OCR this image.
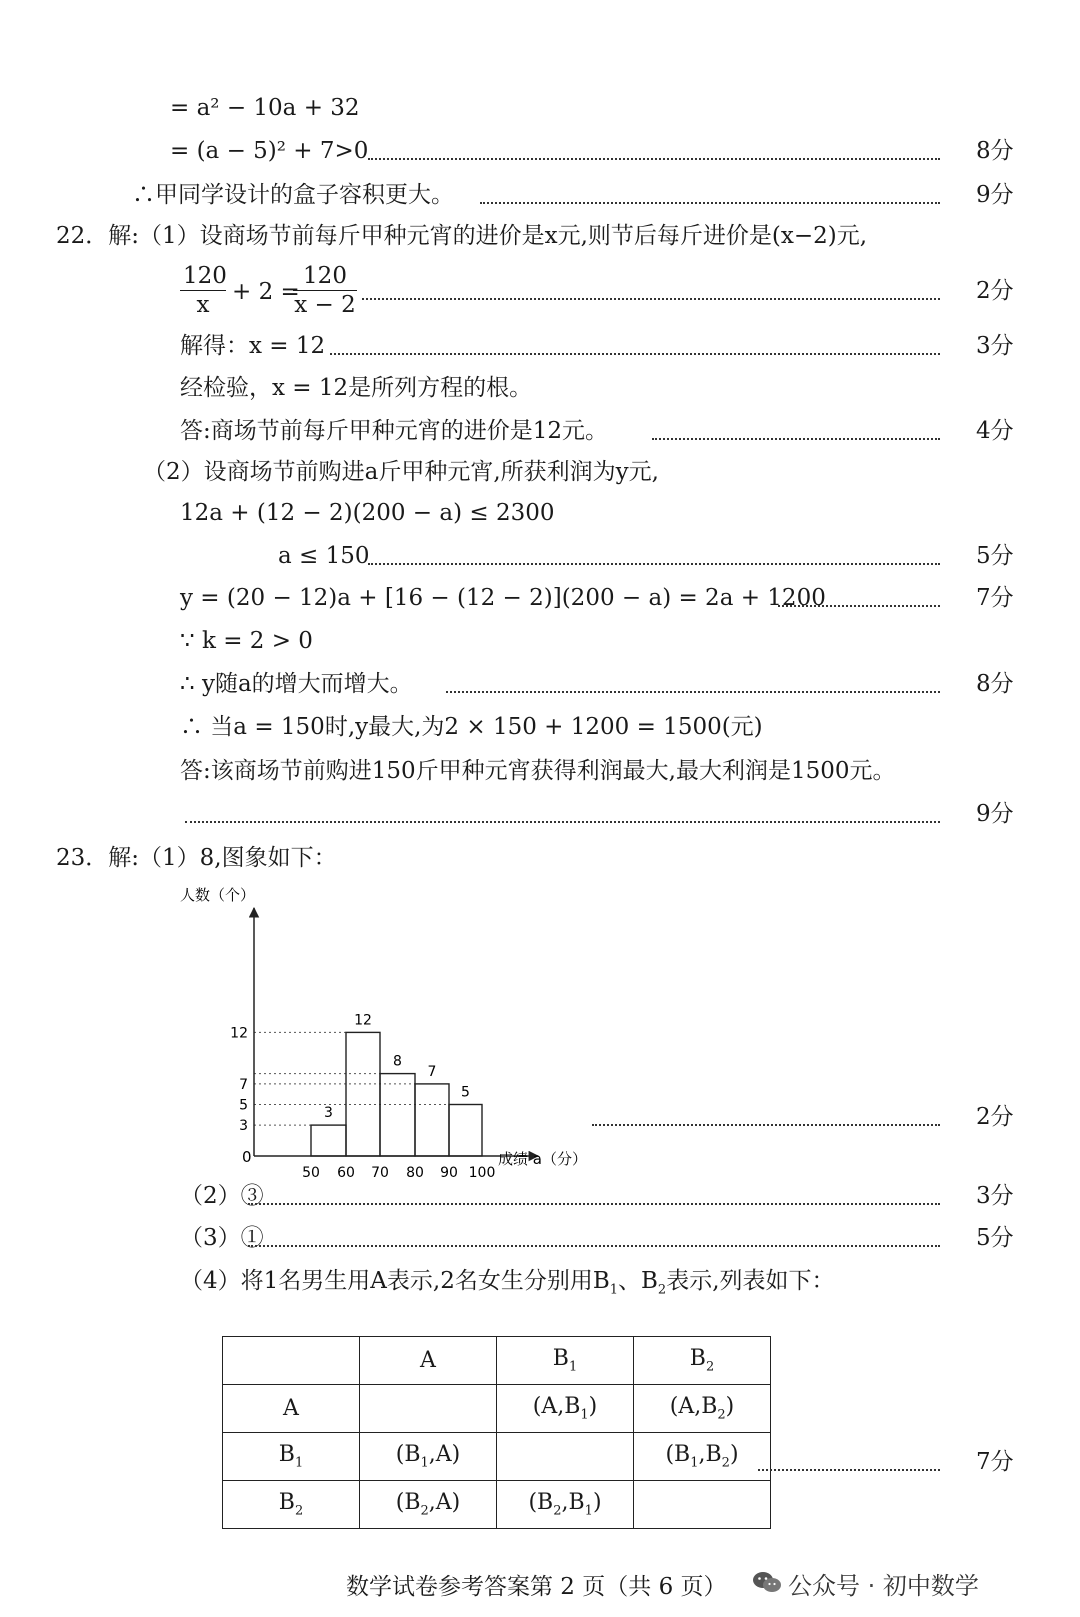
= a² − 10a + 32
= (a − 5)² + 7>0	8分
∴甲同学设计的盒子容积更大。	9分
22．解:（1）设商场节前每斤甲种元宵的进价是x元,则节后每斤进价是(x−2)元,
$\frac{120}{x} + 2$ =
$\frac{120}{x - 2}$	2分
解得：x = 12	3分
经检验，x = 12是所列方程的根。
答:商场节前每斤甲种元宵的进价是12元。	4分
（2）设商场节前购进a斤甲种元宵,所获利润为y元,
12a + (12 − 2)(200 − a) ≤ 2300
a ≤ 150	5分
y = (20 − 12)a + [16 − (12 − 2)](200 − a) = 2a + 1200	7分
∵ k = 2 > 0
∴ y随a的增大而增大。	8分
∴ 当a = 150时,y最大,为2 × 150 + 1200 = 1500(元)
答:该商场节前购进150斤甲种元宵获得利润最大,最大利润是1500元。
9分
23．解:（1）8,图象如下：
人数（个）
成绩 a（分）
0
3
12
8
7
5
3
5
7
12
50 60 70 80 90 100
2分
（2）③	3分
（3）①	5分
（4）将1名男生用A表示,2名女生分别用$B_1$、$B_2$表示,列表如下：
	A	$B_1$	$B_2$
A		$(A,B_1)$	$(A,B_2)$
$B_1$	$(B_1,A)$		$(B_1,B_2)$
$B_2$	$(B_2,A)$	$(B_2,B_1)$	
7分
数学试卷参考答案第 2 页（共 6 页）	公众号 · 初中数学
